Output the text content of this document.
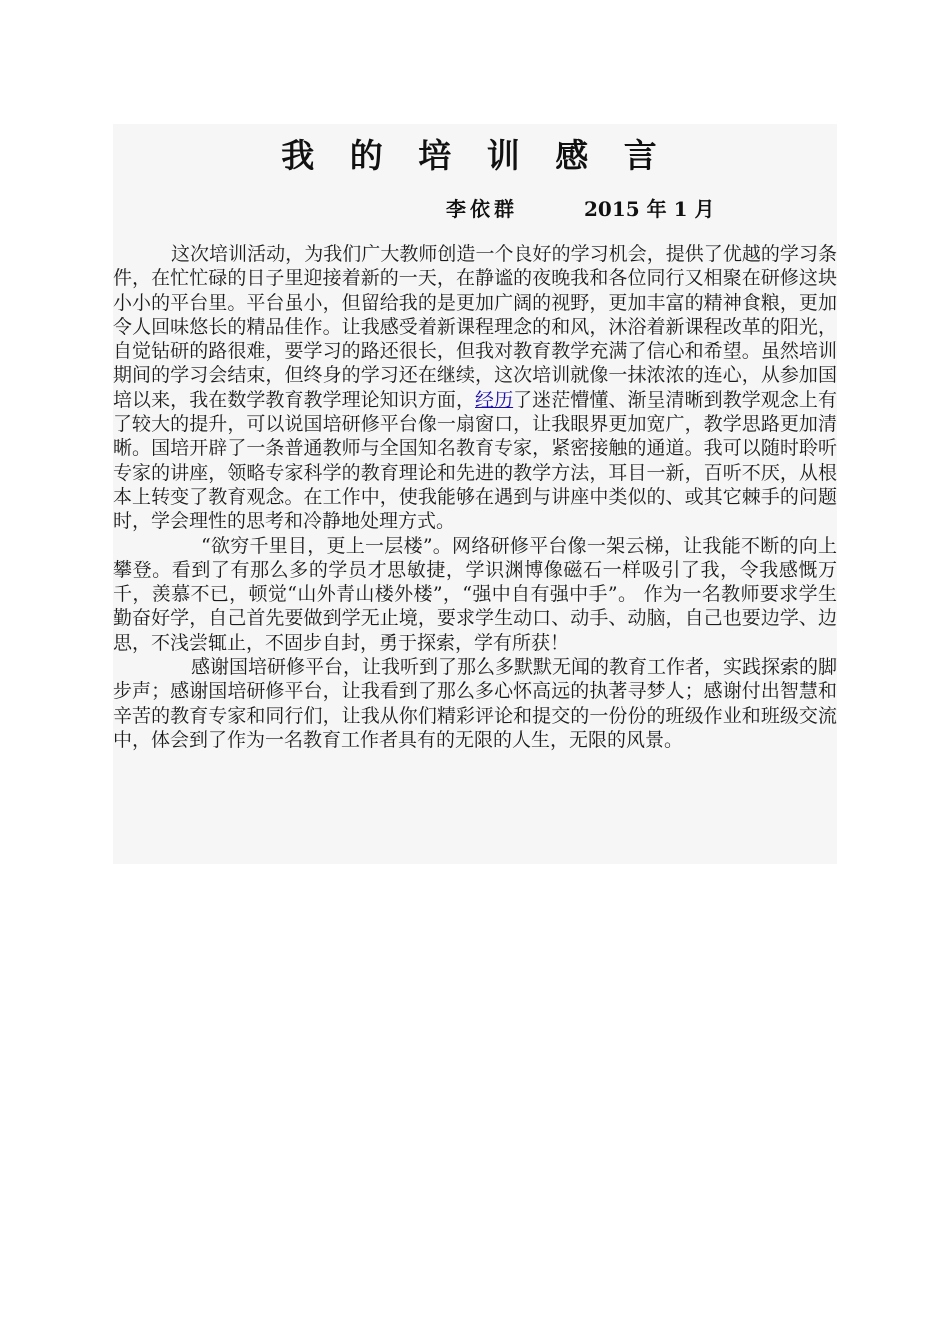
我 的 培 训 感 言
李依群	2015 年 1 月

这次培训活动，为我们广大教师创造一个良好的学习机会，提供了优越的学习条件，在忙忙碌的日子里迎接着新的一天，在静谧的夜晚我和各位同行又相聚在研修这块小小的平台里。平台虽小，但留给我的是更加广阔的视野，更加丰富的精神食粮，更加令人回味悠长的精品佳作。让我感受着新课程理念的和风，沐浴着新课程改革的阳光，自觉钻研的路很难，要学习的路还很长，但我对教育教学充满了信心和希望。虽然培训期间的学习会结束，但终身的学习还在继续，这次培训就像一抹浓浓的连心，从参加国培以来，我在数学教育教学理论知识方面，经历了迷茫懵懂、渐呈清晰到教学观念上有了较大的提升，可以说国培研修平台像一扇窗口，让我眼界更加宽广，教学思路更加清晰。国培开辟了一条普通教师与全国知名教育专家，紧密接触的通道。我可以随时聆听专家的讲座，领略专家科学的教育理论和先进的教学方法，耳目一新，百听不厌，从根本上转变了教育观念。在工作中，使我能够在遇到与讲座中类似的、或其它棘手的问题时，学会理性的思考和冷静地处理方式。

“欲穷千里目，更上一层楼”。网络研修平台像一架云梯，让我能不断的向上攀登。看到了有那么多的学员才思敏捷，学识渊博像磁石一样吸引了我，令我感慨万千，羡慕不已，顿觉“山外青山楼外楼”，“强中自有强中手”。 作为一名教师要求学生勤奋好学，自己首先要做到学无止境，要求学生动口、动手、动脑，自己也要边学、边思，不浅尝辄止，不固步自封，勇于探索，学有所获！

感谢国培研修平台，让我听到了那么多默默无闻的教育工作者，实践探索的脚步声；感谢国培研修平台，让我看到了那么多心怀高远的执著寻梦人；感谢付出智慧和辛苦的教育专家和同行们，让我从你们精彩评论和提交的一份份的班级作业和班级交流中，体会到了作为一名教育工作者具有的无限的人生，无限的风景。
